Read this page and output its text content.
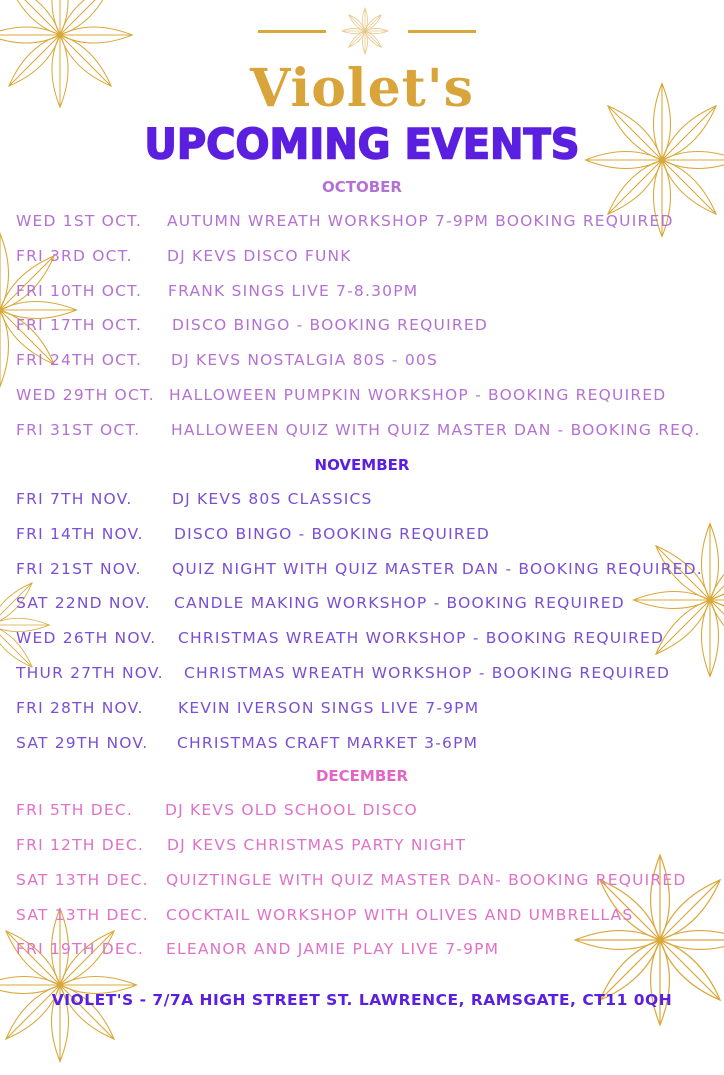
Violet's
UPCOMING EVENTS
OCTOBER
WED 1ST OCT. AUTUMN WREATH WORKSHOP 7-9PM BOOKING REQUIRED
FRI 3RD OCT. DJ KEVS DISCO FUNK
FRI 10TH OCT. FRANK SINGS LIVE 7-8.30PM
FRI 17TH OCT. DISCO BINGO - BOOKING REQUIRED
FRI 24TH OCT. DJ KEVS NOSTALGIA 80S - 00S
WED 29TH OCT. HALLOWEEN PUMPKIN WORKSHOP - BOOKING REQUIRED
FRI 31ST OCT. HALLOWEEN QUIZ WITH QUIZ MASTER DAN - BOOKING REQ.
NOVEMBER
FRI 7TH NOV.	DJ KEVS 80S CLASSICS
FRI 14TH NOV. DISCO BINGO - BOOKING REQUIRED
FRI 21ST NOV. QUIZ NIGHT WITH QUIZ MASTER DAN - BOOKING REQUIRED.
SAT 22ND NOV. CANDLE MAKING WORKSHOP - BOOKING REQUIRED
WED 26TH NOV. CHRISTMAS WREATH WORKSHOP - BOOKING REQUIRED
THUR 27TH NOV. CHRISTMAS WREATH WORKSHOP - BOOKING REQUIRED
FRI 28TH NOV. KEVIN IVERSON SINGS LIVE 7-9PM
SAT 29TH NOV. CHRISTMAS CRAFT MARKET 3-6PM
DECEMBER
FRI 5TH DEC. DJ KEVS OLD SCHOOL DISCO
FRI 12TH DEC. DJ KEVS CHRISTMAS PARTY NIGHT
SAT 13TH DEC. QUIZTINGLE WITH QUIZ MASTER DAN- BOOKING REQUIRED
SAT 13TH DEC. COCKTAIL WORKSHOP WITH OLIVES AND UMBRELLAS
FRI 19TH DEC. ELEANOR AND JAMIE PLAY LIVE 7-9PM
VIOLET'S - 7/7A HIGH STREET ST. LAWRENCE, RAMSGATE, CT11 0QH
